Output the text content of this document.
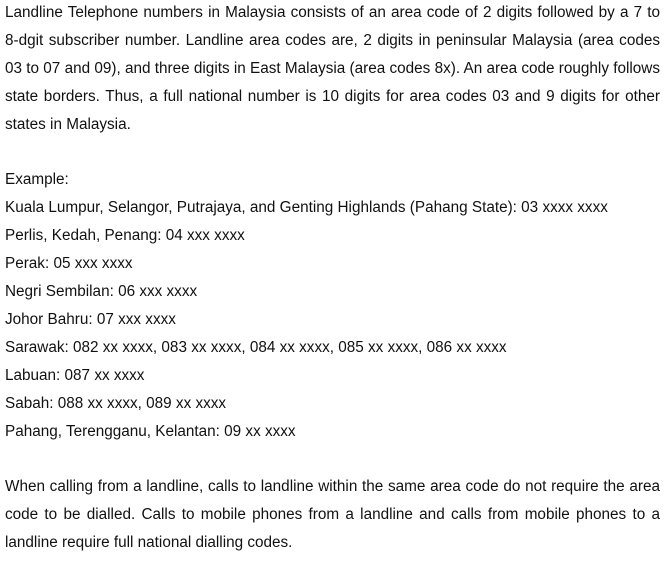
Landline Telephone numbers in Malaysia consists of an area code of 2 digits followed by a 7 to 8-dgit subscriber number. Landline area codes are, 2 digits in peninsular Malaysia (area codes 03 to 07 and 09), and three digits in East Malaysia (area codes 8x). An area code roughly follows state borders. Thus, a full national number is 10 digits for area codes 03 and 9 digits for other states in Malaysia.

Example:
Kuala Lumpur, Selangor, Putrajaya, and Genting Highlands (Pahang State): 03 xxxx xxxx
Perlis, Kedah, Penang: 04 xxx xxxx
Perak: 05 xxx xxxx
Negri Sembilan: 06 xxx xxxx
Johor Bahru: 07 xxx xxxx
Sarawak: 082 xx xxxx, 083 xx xxxx, 084 xx xxxx, 085 xx xxxx, 086 xx xxxx
Labuan: 087 xx xxxx
Sabah: 088 xx xxxx, 089 xx xxxx
Pahang, Terengganu, Kelantan: 09 xx xxxx

When calling from a landline, calls to landline within the same area code do not require the area code to be dialled. Calls to mobile phones from a landline and calls from mobile phones to a landline require full national dialling codes.
